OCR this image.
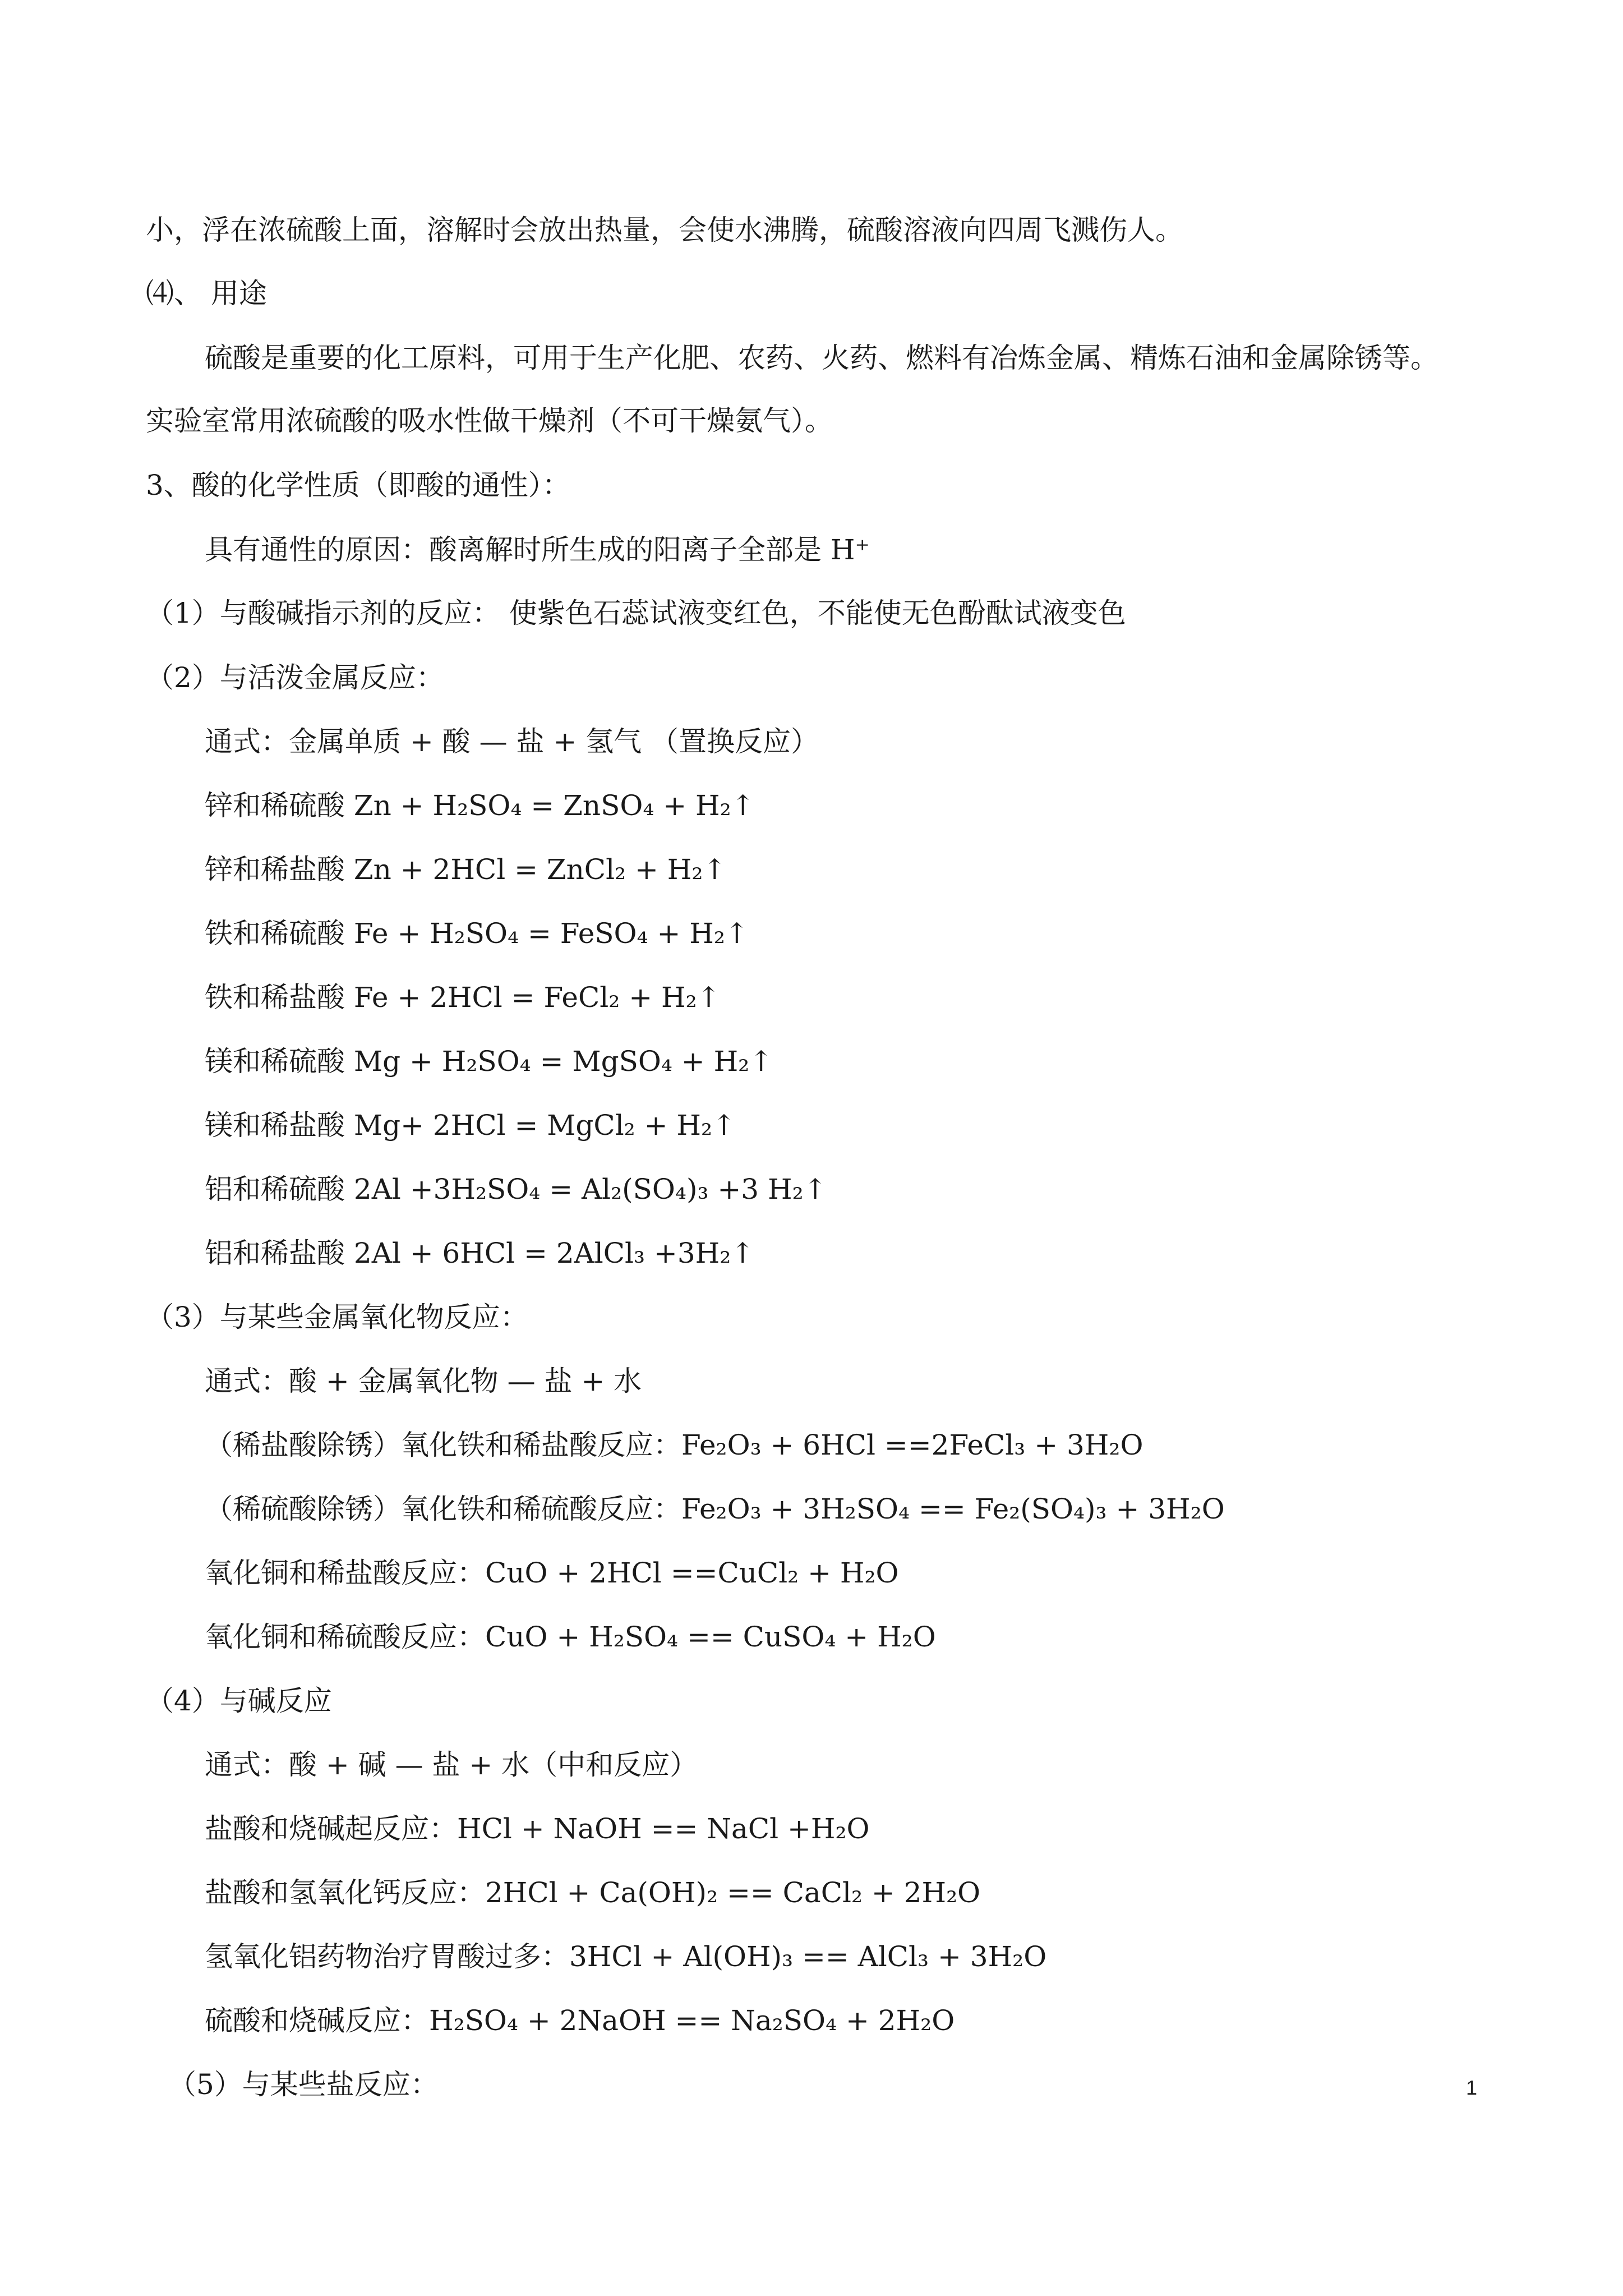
小，浮在浓硫酸上面，溶解时会放出热量，会使水沸腾，硫酸溶液向四周飞溅伤人。
⑷、 用途
硫酸是重要的化工原料，可用于生产化肥、农药、火药、燃料有冶炼金属、精炼石油和金属除锈等。
实验室常用浓硫酸的吸水性做干燥剂（不可干燥氨气）。
3、酸的化学性质（即酸的通性）：
具有通性的原因：酸离解时所生成的阳离子全部是 H⁺
（1）与酸碱指示剂的反应： 使紫色石蕊试液变红色，不能使无色酚酞试液变色
（2）与活泼金属反应：
通式：金属单质 + 酸 — 盐 + 氢气 （置换反应）
锌和稀硫酸 Zn + H₂SO₄ = ZnSO₄ + H₂↑
锌和稀盐酸 Zn + 2HCl = ZnCl₂ + H₂↑
铁和稀硫酸 Fe + H₂SO₄ = FeSO₄ + H₂↑
铁和稀盐酸 Fe + 2HCl = FeCl₂ + H₂↑
镁和稀硫酸 Mg + H₂SO₄ = MgSO₄ + H₂↑
镁和稀盐酸 Mg+ 2HCl = MgCl₂ + H₂↑
铝和稀硫酸 2Al +3H₂SO₄ = Al₂(SO₄)₃ +3 H₂↑
铝和稀盐酸 2Al + 6HCl = 2AlCl₃ +3H₂↑
（3）与某些金属氧化物反应：
通式：酸 + 金属氧化物 — 盐 + 水
（稀盐酸除锈）氧化铁和稀盐酸反应：Fe₂O₃ + 6HCl ==2FeCl₃ + 3H₂O
（稀硫酸除锈）氧化铁和稀硫酸反应：Fe₂O₃ + 3H₂SO₄ == Fe₂(SO₄)₃ + 3H₂O
氧化铜和稀盐酸反应：CuO + 2HCl ==CuCl₂ + H₂O
氧化铜和稀硫酸反应：CuO + H₂SO₄ == CuSO₄ + H₂O
（4）与碱反应
通式：酸 + 碱 — 盐 + 水（中和反应）
盐酸和烧碱起反应：HCl + NaOH == NaCl +H₂O
盐酸和氢氧化钙反应：2HCl + Ca(OH)₂ == CaCl₂ + 2H₂O
氢氧化铝药物治疗胃酸过多：3HCl + Al(OH)₃ == AlCl₃ + 3H₂O
硫酸和烧碱反应：H₂SO₄ + 2NaOH == Na₂SO₄ + 2H₂O
（5）与某些盐反应：	1
